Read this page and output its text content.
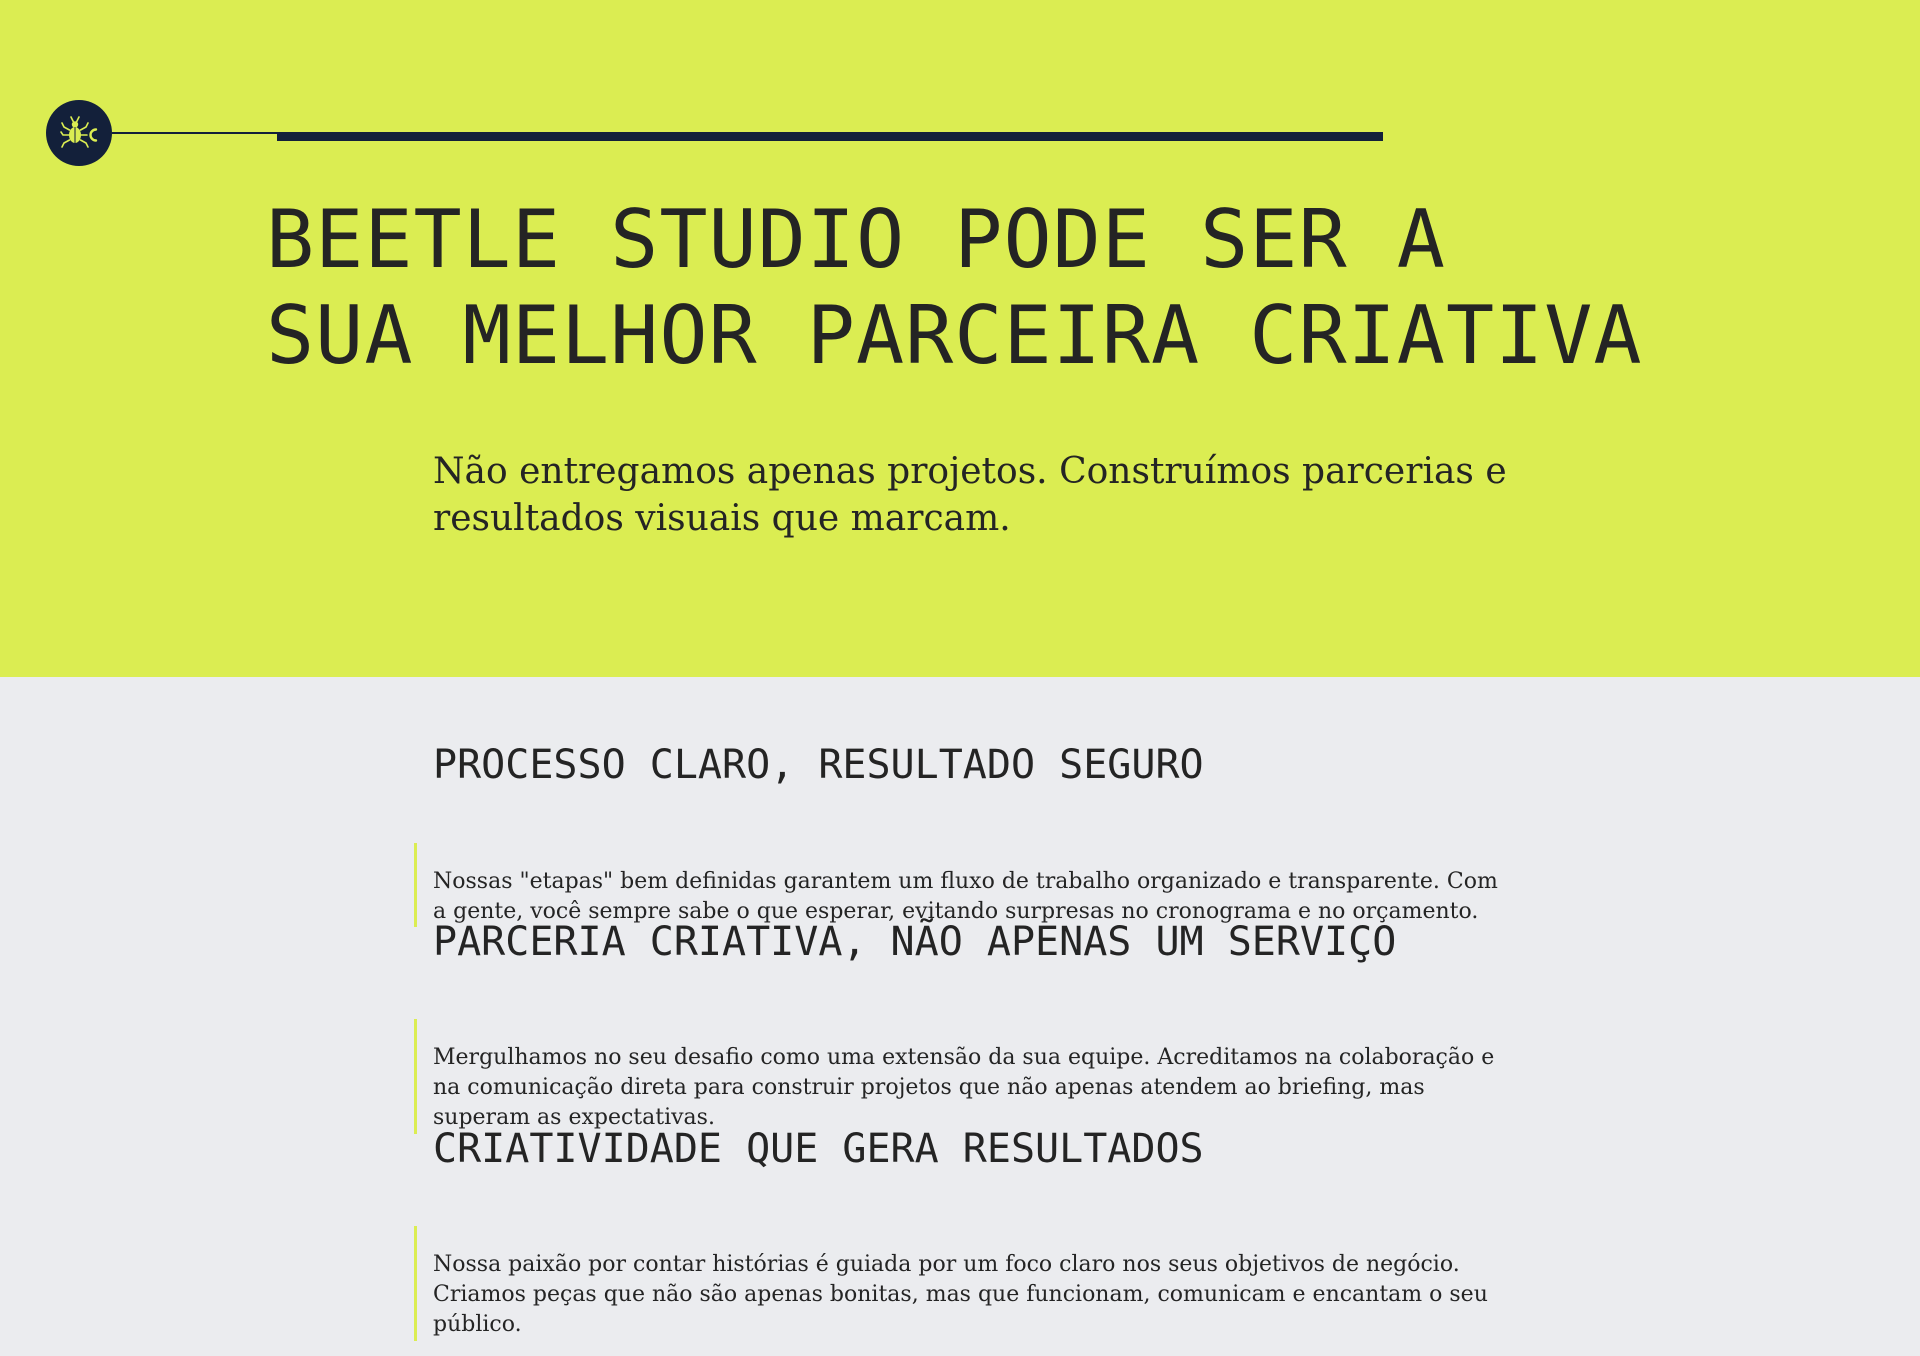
BEETLE STUDIO PODE SER A
SUA MELHOR PARCEIRA CRIATIVA

Não entregamos apenas projetos. Construímos parcerias e
resultados visuais que marcam.

PROCESSO CLARO, RESULTADO SEGURO

Nossas "etapas" bem definidas garantem um fluxo de trabalho organizado e transparente. Com
a gente, você sempre sabe o que esperar, evitando surpresas no cronograma e no orçamento.

PARCERIA CRIATIVA, NÃO APENAS UM SERVIÇO

Mergulhamos no seu desafio como uma extensão da sua equipe. Acreditamos na colaboração e
na comunicação direta para construir projetos que não apenas atendem ao briefing, mas
superam as expectativas.

CRIATIVIDADE QUE GERA RESULTADOS

Nossa paixão por contar histórias é guiada por um foco claro nos seus objetivos de negócio.
Criamos peças que não são apenas bonitas, mas que funcionam, comunicam e encantam o seu
público.
